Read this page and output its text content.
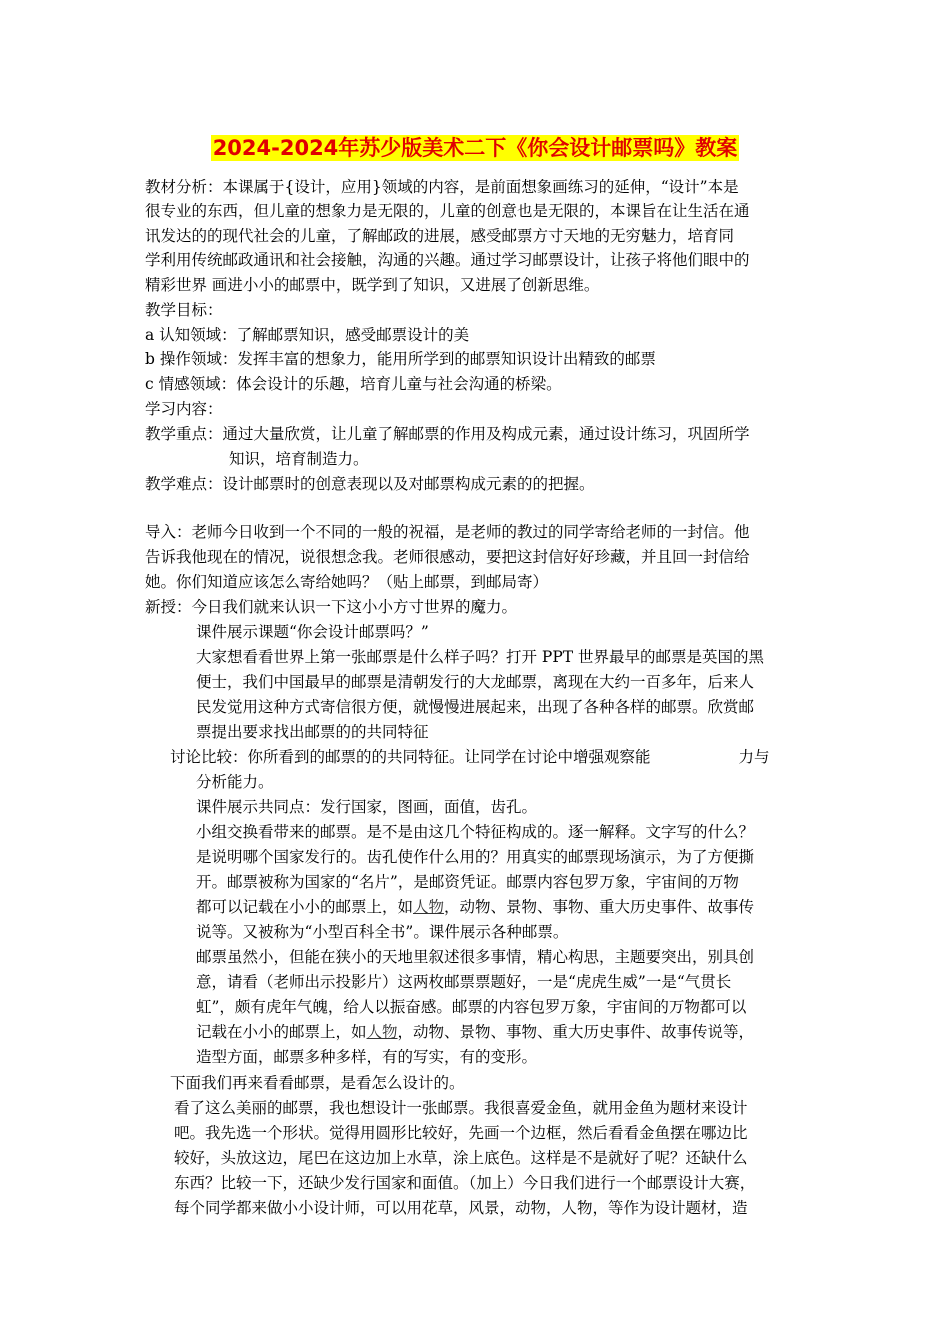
2024-2024年苏少版美术二下《你会设计邮票吗》教案
教材分析：本课属于{设计，应用}领域的内容，是前面想象画练习的延伸，“设计”本是
很专业的东西，但儿童的想象力是无限的，儿童的创意也是无限的，本课旨在让生活在通
讯发达的的现代社会的儿童，了解邮政的进展，感受邮票方寸天地的无穷魅力，培育同
学利用传统邮政通讯和社会接触，沟通的兴趣。通过学习邮票设计，让孩子将他们眼中的
精彩世界 画进小小的邮票中，既学到了知识，又进展了创新思维。
教学目标：
a 认知领域：了解邮票知识，感受邮票设计的美
b 操作领域：发挥丰富的想象力，能用所学到的邮票知识设计出精致的邮票
c 情感领域：体会设计的乐趣，培育儿童与社会沟通的桥梁。
学习内容：
教学重点：通过大量欣赏，让儿童了解邮票的作用及构成元素，通过设计练习，巩固所学
知识，培育制造力。
教学难点：设计邮票时的创意表现以及对邮票构成元素的的把握。
导入：老师今日收到一个不同的一般的祝福，是老师的教过的同学寄给老师的一封信。他
告诉我他现在的情况，说很想念我。老师很感动，要把这封信好好珍藏，并且回一封信给
她。你们知道应该怎么寄给她吗？（贴上邮票，到邮局寄）
新授：今日我们就来认识一下这小小方寸世界的魔力。
课件展示课题“你会设计邮票吗？”
大家想看看世界上第一张邮票是什么样子吗？打开 PPT 世界最早的邮票是英国的黑
便士，我们中国最早的邮票是清朝发行的大龙邮票，离现在大约一百多年，后来人
民发觉用这种方式寄信很方便，就慢慢进展起来，出现了各种各样的邮票。欣赏邮
票提出要求找出邮票的的共同特征
讨论比较：你所看到的邮票的的共同特征。让同学在讨论中增强观察能	力与
分析能力。
课件展示共同点：发行国家，图画，面值，齿孔。
小组交换看带来的邮票。是不是由这几个特征构成的。逐一解释。文字写的什么？
是说明哪个国家发行的。齿孔使作什么用的？用真实的邮票现场演示，为了方便撕
开。邮票被称为国家的“名片”，是邮资凭证。邮票内容包罗万象，宇宙间的万物
都可以记载在小小的邮票上，如人物，动物、景物、事物、重大历史事件、故事传
说等。又被称为“小型百科全书”。课件展示各种邮票。
邮票虽然小，但能在狭小的天地里叙述很多事情，精心构思，主题要突出，别具创
意，请看（老师出示投影片）这两枚邮票票题好，一是“虎虎生威”一是“气贯长
虹”，颇有虎年气魄，给人以振奋感。邮票的内容包罗万象，宇宙间的万物都可以
记载在小小的邮票上，如人物，动物、景物、事物、重大历史事件、故事传说等，
造型方面，邮票多种多样，有的写实，有的变形。
下面我们再来看看邮票，是看怎么设计的。
看了这么美丽的邮票，我也想设计一张邮票。我很喜爱金鱼，就用金鱼为题材来设计
吧。我先选一个形状。觉得用圆形比较好，先画一个边框，然后看看金鱼摆在哪边比
较好，头放这边，尾巴在这边加上水草，涂上底色。这样是不是就好了呢？还缺什么
东西？比较一下，还缺少发行国家和面值。（加上）今日我们进行一个邮票设计大赛，
每个同学都来做小小设计师，可以用花草，风景，动物，人物，等作为设计题材，造
